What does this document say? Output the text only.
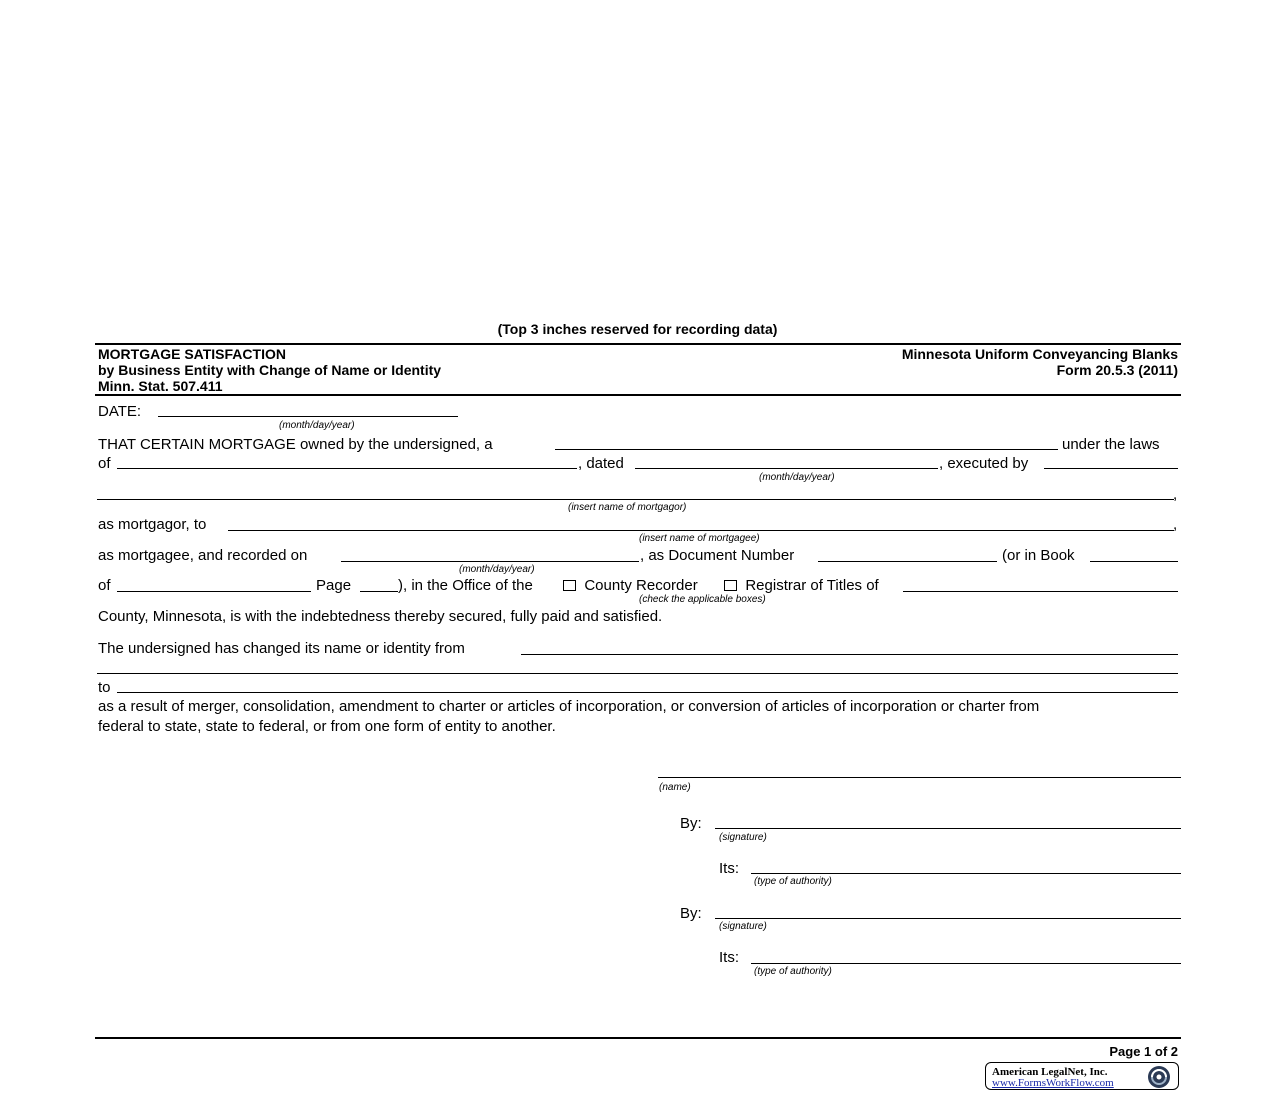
(Top 3 inches reserved for recording data)
MORTGAGE SATISFACTION
by Business Entity with Change of Name or Identity
Minn. Stat. 507.411
Minnesota Uniform Conveyancing Blanks
Form 20.5.3 (2011)
DATE:
(month/day/year)
THAT CERTAIN MORTGAGE owned by the undersigned, a	under the laws
of	, dated	, executed by
(month/day/year)
,
(insert name of mortgagor)
as mortgagor, to	,
(insert name of mortgagee)
as mortgagee, and recorded on	, as Document Number	(or in Book
(month/day/year)
of	Page	), in the Office of the	County Recorder	Registrar of Titles of
(check the applicable boxes)
County, Minnesota, is with the indebtedness thereby secured, fully paid and satisfied.
The undersigned has changed its name or identity from
to
as a result of merger, consolidation, amendment to charter or articles of incorporation, or conversion of articles of incorporation or charter from
federal to state, state to federal, or from one form of entity to another.
(name)
By:
(signature)
Its:
(type of authority)
By:
(signature)
Its:
(type of authority)
Page 1 of 2
American LegalNet, Inc.
www.FormsWorkFlow.com
